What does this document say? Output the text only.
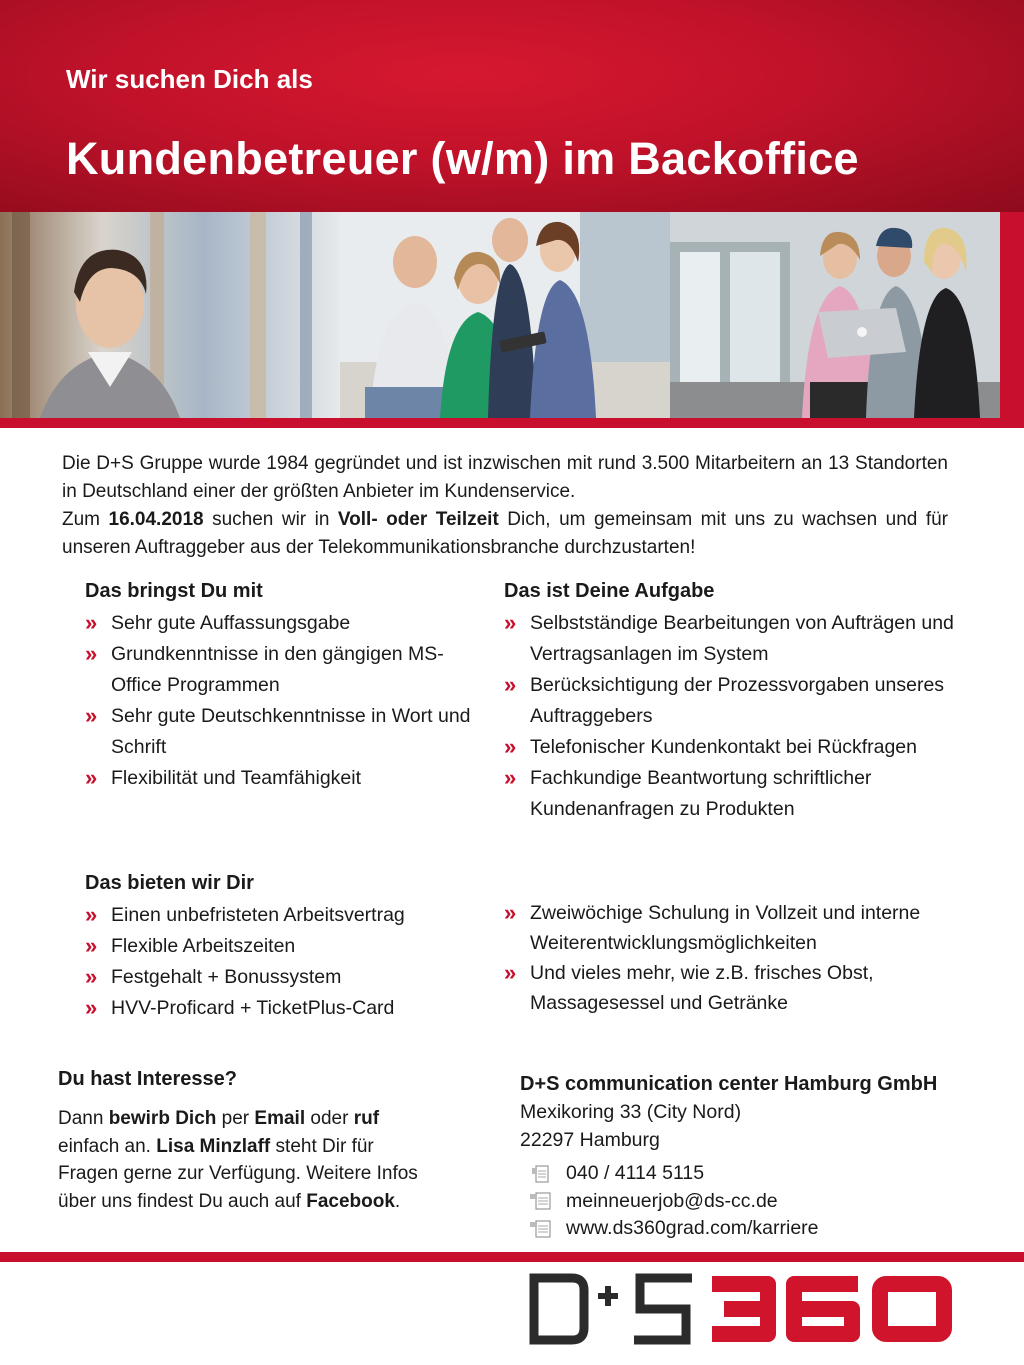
Wir suchen Dich als
Kundenbetreuer (w/m) im Backoffice

Die D+S Gruppe wurde 1984 gegründet und ist inzwischen mit rund 3.500 Mitarbeitern an 13 Standorten in Deutschland einer der größten Anbieter im Kundenservice.

Zum 16.04.2018 suchen wir in Voll- oder Teilzeit Dich, um gemeinsam mit uns zu wachsen und für unseren Auftraggeber aus der Telekommunikationsbranche durchzustarten!

Das bringst Du mit
» Sehr gute Auffassungsgabe
» Grundkenntnisse in den gängigen MS-Office Programmen
» Sehr gute Deutschkenntnisse in Wort und Schrift
» Flexibilität und Teamfähigkeit
Das ist Deine Aufgabe
» Selbstständige Bearbeitungen von Aufträgen und Vertragsanlagen im System
» Berücksichtigung der Prozessvorgaben unseres Auftraggebers
» Telefonischer Kundenkontakt bei Rückfragen
» Fachkundige Beantwortung schriftlicher Kundenanfragen zu Produkten
Das bieten wir Dir
» Einen unbefristeten Arbeitsvertrag
» Flexible Arbeitszeiten
» Festgehalt + Bonussystem
» HVV-Proficard + TicketPlus-Card
» Zweiwöchige Schulung in Vollzeit und interne Weiterentwicklungsmöglichkeiten
» Und vieles mehr, wie z.B. frisches Obst, Massagesessel und Getränke
Du hast Interesse?

Dann bewirb Dich per Email oder ruf einfach an. Lisa Minzlaff steht Dir für Fragen gerne zur Verfügung. Weitere Infos über uns findest Du auch auf Facebook.

D+S communication center Hamburg GmbH
Mexikoring 33 (City Nord)
22297 Hamburg
040 / 4114 5115
meinneuerjob@ds-cc.de
www.ds360grad.com/karriere
D+S360
